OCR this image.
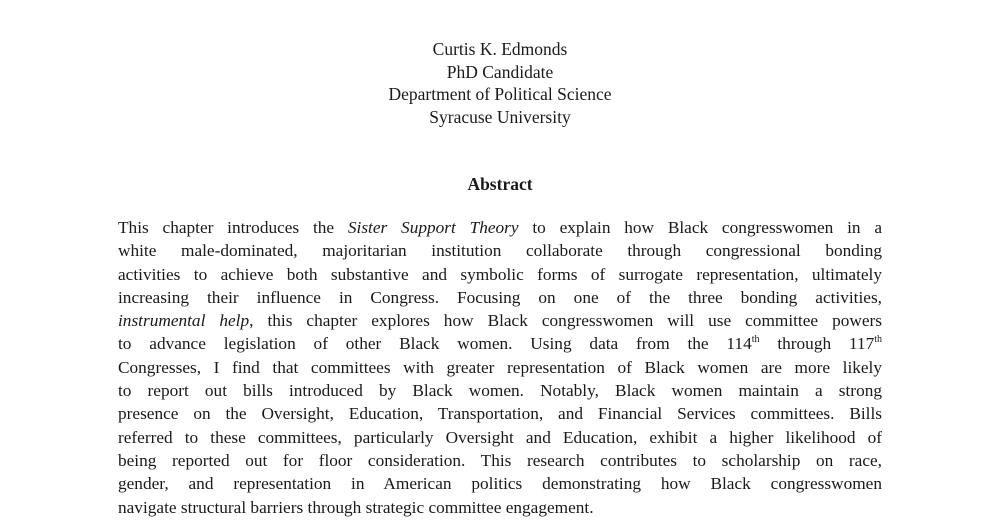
Curtis K. Edmonds
PhD Candidate
Department of Political Science
Syracuse University
Abstract
This chapter introduces the Sister Support Theory to explain how Black congresswomen in a
white male-dominated, majoritarian institution collaborate through congressional bonding
activities to achieve both substantive and symbolic forms of surrogate representation, ultimately
increasing their influence in Congress. Focusing on one of the three bonding activities,
instrumental help, this chapter explores how Black congresswomen will use committee powers
to advance legislation of other Black women. Using data from the 114th through 117th
Congresses, I find that committees with greater representation of Black women are more likely
to report out bills introduced by Black women. Notably, Black women maintain a strong
presence on the Oversight, Education, Transportation, and Financial Services committees. Bills
referred to these committees, particularly Oversight and Education, exhibit a higher likelihood of
being reported out for floor consideration. This research contributes to scholarship on race,
gender, and representation in American politics demonstrating how Black congresswomen
navigate structural barriers through strategic committee engagement.
